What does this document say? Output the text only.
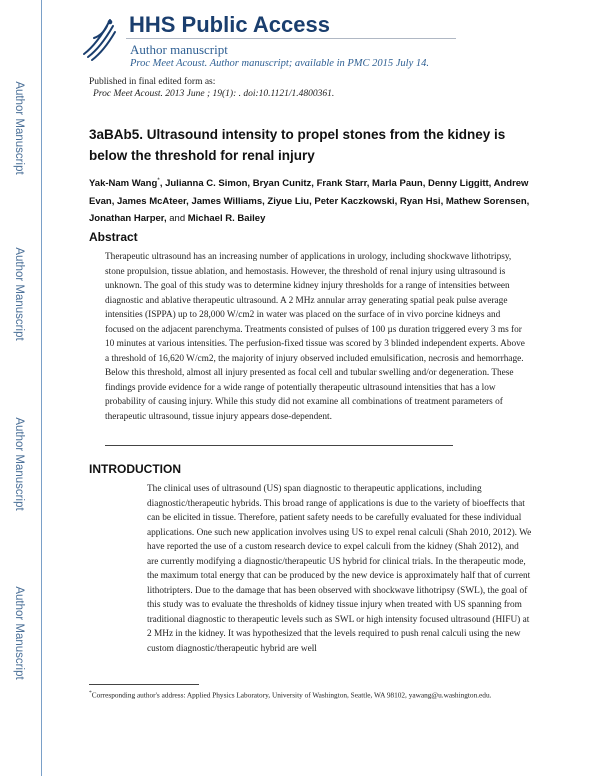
Author Manuscript
Author Manuscript
Author Manuscript
Author Manuscript
HHS Public Access
Author manuscript
Proc Meet Acoust. Author manuscript; available in PMC 2015 July 14.
Published in final edited form as:
Proc Meet Acoust. 2013 June ; 19(1): . doi:10.1121/1.4800361.
3aBAb5. Ultrasound intensity to propel stones from the kidney is below the threshold for renal injury
Yak-Nam Wang*, Julianna C. Simon, Bryan Cunitz, Frank Starr, Marla Paun, Denny Liggitt, Andrew Evan, James McAteer, James Williams, Ziyue Liu, Peter Kaczkowski, Ryan Hsi, Mathew Sorensen, Jonathan Harper, and Michael R. Bailey
Abstract
Therapeutic ultrasound has an increasing number of applications in urology, including shockwave lithotripsy, stone propulsion, tissue ablation, and hemostasis. However, the threshold of renal injury using ultrasound is unknown. The goal of this study was to determine kidney injury thresholds for a range of intensities between diagnostic and ablative therapeutic ultrasound. A 2 MHz annular array generating spatial peak pulse average intensities (ISPPA) up to 28,000 W/cm2 in water was placed on the surface of in vivo porcine kidneys and focused on the adjacent parenchyma. Treatments consisted of pulses of 100 µs duration triggered every 3 ms for 10 minutes at various intensities. The perfusion-fixed tissue was scored by 3 blinded independent experts. Above a threshold of 16,620 W/cm2, the majority of injury observed included emulsification, necrosis and hemorrhage. Below this threshold, almost all injury presented as focal cell and tubular swelling and/or degeneration. These findings provide evidence for a wide range of potentially therapeutic ultrasound intensities that has a low probability of causing injury. While this study did not examine all combinations of treatment parameters of therapeutic ultrasound, tissue injury appears dose-dependent.
INTRODUCTION
The clinical uses of ultrasound (US) span diagnostic to therapeutic applications, including diagnostic/therapeutic hybrids. This broad range of applications is due to the variety of bioeffects that can be elicited in tissue. Therefore, patient safety needs to be carefully evaluated for these individual applications. One such new application involves using US to expel renal calculi (Shah 2010, 2012). We have reported the use of a custom research device to expel calculi from the kidney (Shah 2012), and are currently modifying a diagnostic/therapeutic US hybrid for clinical trials. In the therapeutic mode, the maximum total energy that can be produced by the new device is approximately half that of current lithotripters. Due to the damage that has been observed with shockwave lithotripsy (SWL), the goal of this study was to evaluate the thresholds of kidney tissue injury when treated with US spanning from traditional diagnostic to therapeutic levels such as SWL or high intensity focused ultrasound (HIFU) at 2 MHz in the kidney. It was hypothesized that the levels required to push renal calculi using the new custom diagnostic/therapeutic hybrid are well
*Corresponding author's address: Applied Physics Laboratory, University of Washington, Seattle, WA 98102, yawang@u.washington.edu.
